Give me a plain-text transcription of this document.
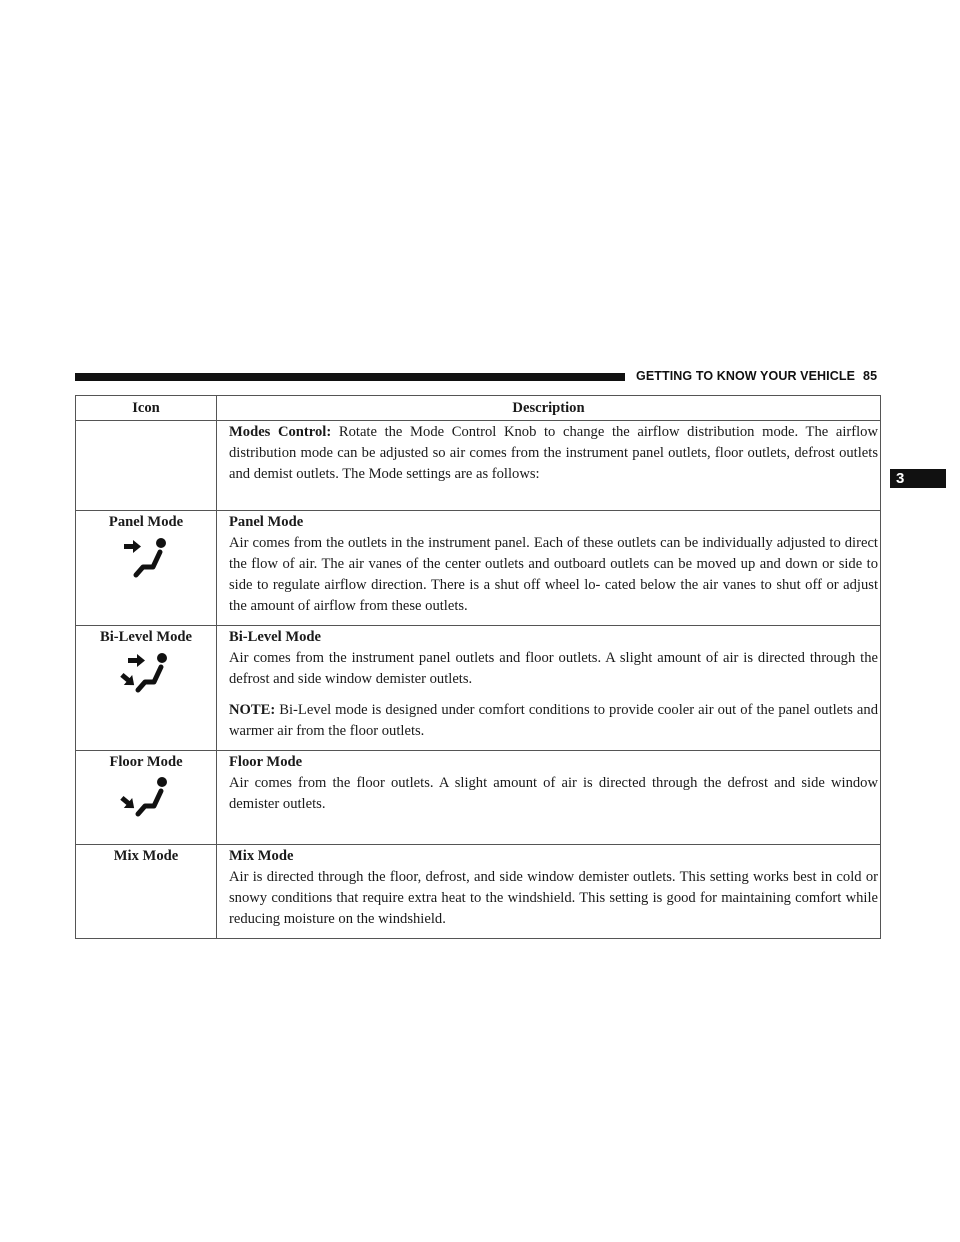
GETTING TO KNOW YOUR VEHICLE 85
3
Icon	Description

	Modes Control: Rotate the Mode Control Knob to change the airflow distribution mode. The airflow distribution mode can be adjusted so air comes from the instrument panel outlets, floor outlets, defrost outlets and demist outlets. The Mode settings are as follows:

Panel Mode	Panel Mode

Air comes from the outlets in the instrument panel. Each of these outlets can be individually adjusted to direct the flow of air. The air vanes of the center outlets and outboard outlets can be moved up and down or side to side to regulate airflow direction. There is a shut off wheel lo- cated below the air vanes to shut off or adjust the amount of airflow from these outlets.

Bi-Level Mode	Bi-Level Mode

Air comes from the instrument panel outlets and floor outlets. A slight amount of air is directed through the defrost and side window demister outlets.

NOTE: Bi-Level mode is designed under comfort conditions to provide cooler air out of the panel outlets and warmer air from the floor outlets.

Floor Mode	Floor Mode

Air comes from the floor outlets. A slight amount of air is directed through the defrost and side window demister outlets.

Mix Mode	Mix Mode

Air is directed through the floor, defrost, and side window demister outlets. This setting works best in cold or snowy conditions that require extra heat to the windshield. This setting is good for maintaining comfort while reducing moisture on the windshield.
